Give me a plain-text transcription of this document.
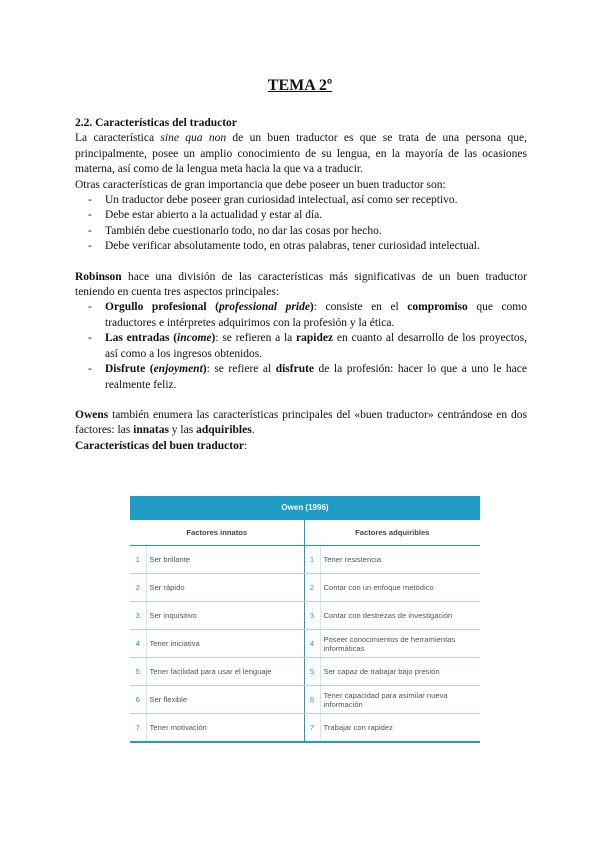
TEMA 2º

2.2. Características del traductor

La característica sine qua non de un buen traductor es que se trata de una persona que, principalmente, posee un amplio conocimiento de su lengua, en la mayoría de las ocasiones materna, así como de la lengua meta hacia la que va a traducir.

Otras características de gran importancia que debe poseer un buen traductor son:

- Un traductor debe poseer gran curiosidad intelectual, así como ser receptivo.
- Debe estar abierto a la actualidad y estar al día.
- También debe cuestionarlo todo, no dar las cosas por hecho.
- Debe verificar absolutamente todo, en otras palabras, tener curiosidad intelectual.

Robinson hace una división de las características más significativas de un buen traductor teniendo en cuenta tres aspectos principales:

- Orgullo profesional (professional pride): consiste en el compromiso que como traductores e intérpretes adquirimos con la profesión y la ética.
- Las entradas (income): se refieren a la rapidez en cuanto al desarrollo de los proyectos, así como a los ingresos obtenidos.
- Disfrute (enjoyment): se refiere al disfrute de la profesión: hacer lo que a uno le hace realmente feliz.

Owens también enumera las características principales del «buen traductor» centrándose en dos factores: las innatas y las adquiribles.

Características del buen traductor:

Owen (1996)
Factores innatos		Factores adquiribles	
1	Ser brillante	1	Tener resistencia
2	Ser rápido	2	Contar con un enfoque metódico
3	Ser inquisitivo	3	Contar con destrezas de investigación
4	Tener iniciativa	4	Poseer conocimientos de herramientas informáticas
5	Tener facilidad para usar el lenguaje	5	Ser capaz de trabajar bajo presión
6	Ser flexible	6	Tener capacidad para asimilar nueva información
7	Tener motivación	7	Trabajar con rapidez
